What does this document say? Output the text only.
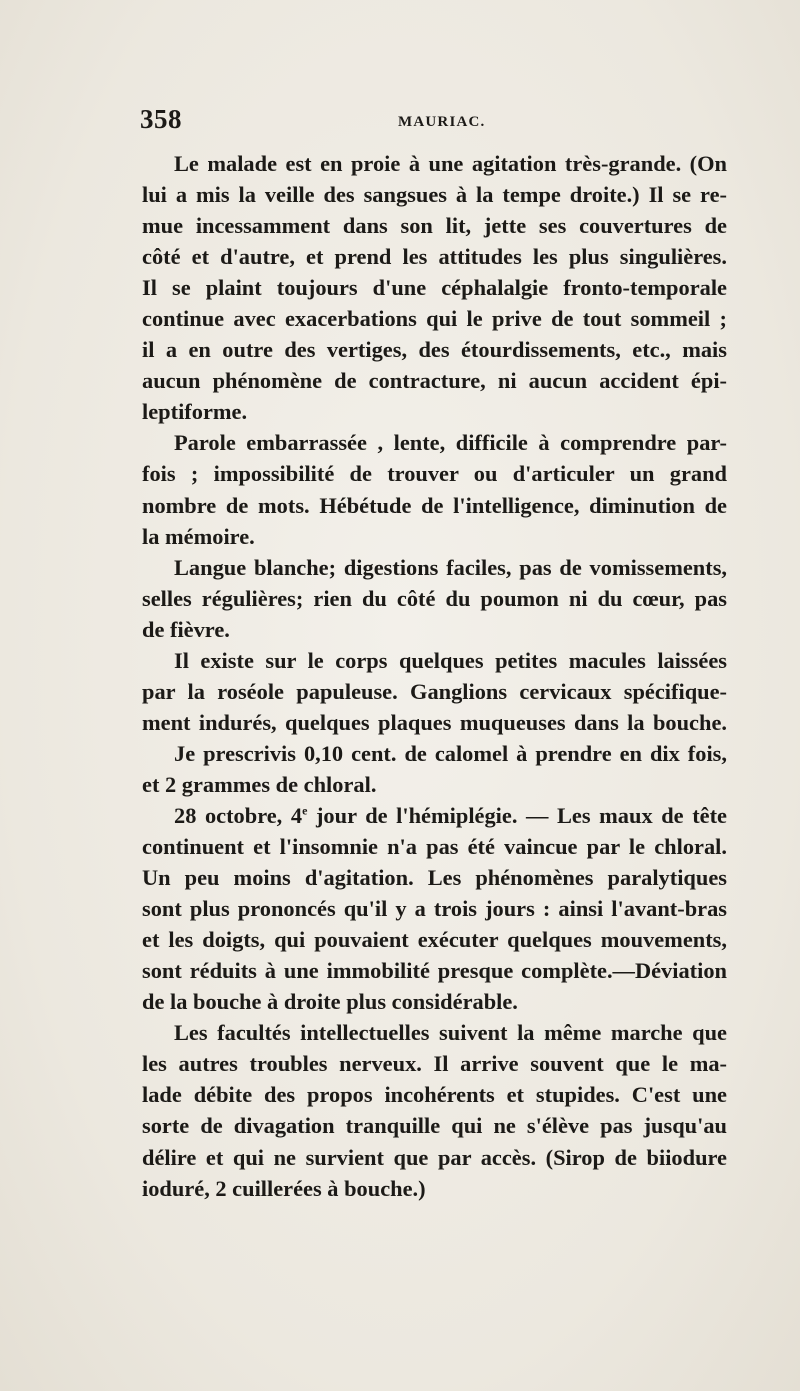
358	MAURIAC.
Le malade est en proie à une agitation très-grande. (On
lui a mis la veille des sangsues à la tempe droite.) Il se re-
mue incessamment dans son lit, jette ses couvertures de
côté et d'autre, et prend les attitudes les plus singulières.
Il se plaint toujours d'une céphalalgie fronto-temporale
continue avec exacerbations qui le prive de tout sommeil ;
il a en outre des vertiges, des étourdissements, etc., mais
aucun phénomène de contracture, ni aucun accident épi-
leptiforme.
Parole embarrassée , lente, difficile à comprendre par-
fois ; impossibilité de trouver ou d'articuler un grand
nombre de mots. Hébétude de l'intelligence, diminution de
la mémoire.
Langue blanche; digestions faciles, pas de vomissements,
selles régulières; rien du côté du poumon ni du cœur, pas
de fièvre.
Il existe sur le corps quelques petites macules laissées
par la roséole papuleuse. Ganglions cervicaux spécifique-
ment indurés, quelques plaques muqueuses dans la bouche.
Je prescrivis 0,10 cent. de calomel à prendre en dix fois,
et 2 grammes de chloral.
28 octobre, 4e jour de l'hémiplégie. — Les maux de tête
continuent et l'insomnie n'a pas été vaincue par le chloral.
Un peu moins d'agitation. Les phénomènes paralytiques
sont plus prononcés qu'il y a trois jours : ainsi l'avant-bras
et les doigts, qui pouvaient exécuter quelques mouvements,
sont réduits à une immobilité presque complète.—Déviation
de la bouche à droite plus considérable.
Les facultés intellectuelles suivent la même marche que
les autres troubles nerveux. Il arrive souvent que le ma-
lade débite des propos incohérents et stupides. C'est une
sorte de divagation tranquille qui ne s'élève pas jusqu'au
délire et qui ne survient que par accès. (Sirop de biiodure
ioduré, 2 cuillerées à bouche.)
